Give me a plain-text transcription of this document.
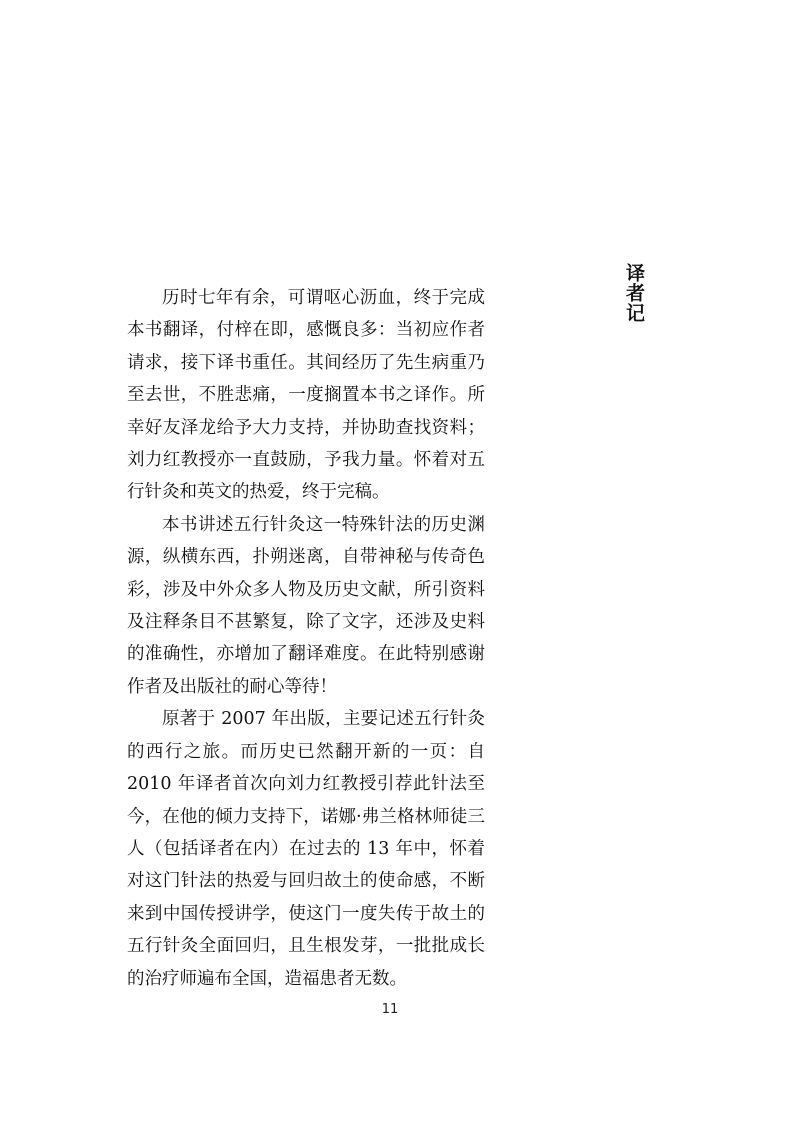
译者记

历时七年有余，可谓呕心沥血，终于完成本书翻译，付梓在即，感慨良多：当初应作者请求，接下译书重任。其间经历了先生病重乃至去世，不胜悲痛，一度搁置本书之译作。所幸好友泽龙给予大力支持，并协助查找资料；刘力红教授亦一直鼓励，予我力量。怀着对五行针灸和英文的热爱，终于完稿。

本书讲述五行针灸这一特殊针法的历史渊源，纵横东西，扑朔迷离，自带神秘与传奇色彩，涉及中外众多人物及历史文献，所引资料及注释条目不甚繁复，除了文字，还涉及史料的准确性，亦增加了翻译难度。在此特别感谢作者及出版社的耐心等待！

原著于 2007 年出版，主要记述五行针灸的西行之旅。而历史已然翻开新的一页：自 2010 年译者首次向刘力红教授引荐此针法至今，在他的倾力支持下，诺娜·弗兰格林师徒三人（包括译者在内）在过去的 13 年中，怀着对这门针法的热爱与回归故土的使命感，不断来到中国传授讲学，使这门一度失传于故土的五行针灸全面回归，且生根发芽，一批批成长的治疗师遍布全国，造福患者无数。

11
